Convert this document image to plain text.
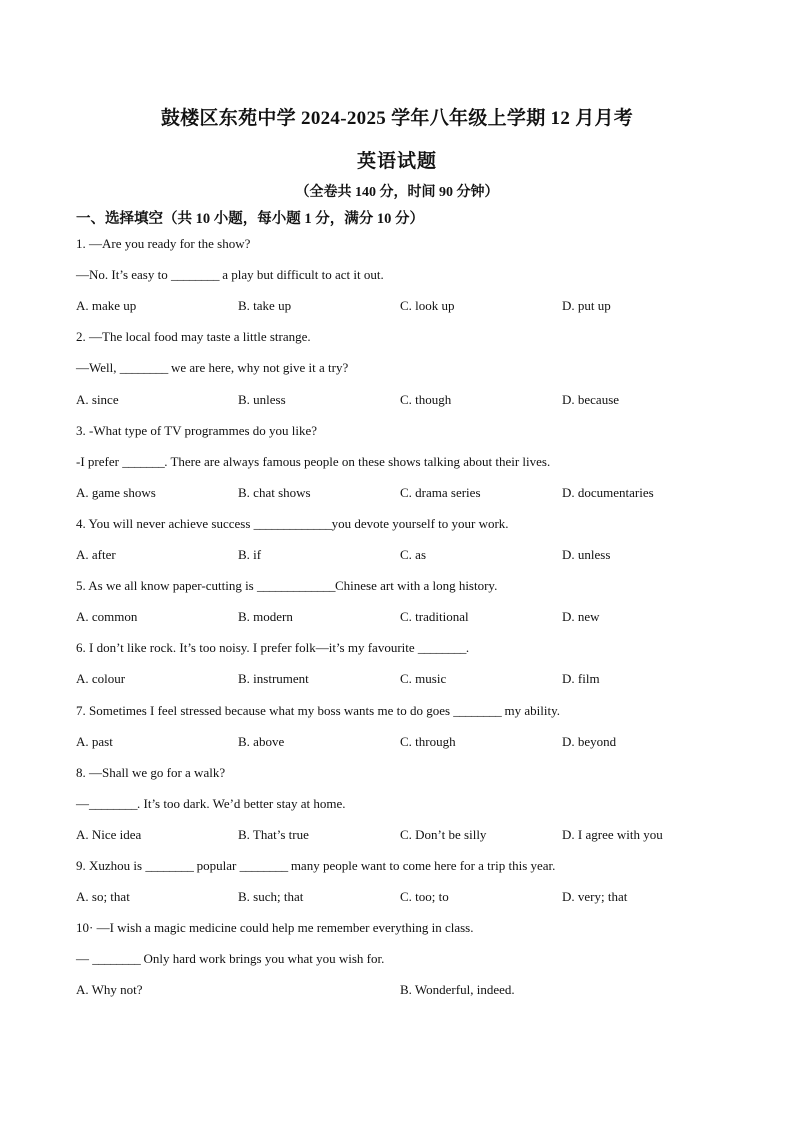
鼓楼区东苑中学 2024-2025 学年八年级上学期 12 月月考
英语试题
（全卷共 140 分，时间 90 分钟）
一、选择填空（共 10 小题，每小题 1 分，满分 10 分）
1. —Are you ready for the show?
—No. It’s easy to ________ a play but difficult to act it out.
A. make up	B. take up	C. look up	D. put up
2. —The local food may taste a little strange.
—Well, ________ we are here, why not give it a try?
A. since	B. unless	C. though	D. because
3. -What type of TV programmes do you like?
-I prefer _______. There are always famous people on these shows talking about their lives.
A. game shows	B. chat shows	C. drama series	D. documentaries
4. You will never achieve success _____________you devote yourself to your work.
A. after	B. if	C. as	D. unless
5. As we all know paper-cutting is _____________Chinese art with a long history.
A. common	B. modern	C. traditional	D. new
6. I don’t like rock. It’s too noisy. I prefer folk—it’s my favourite ________.
A. colour	B. instrument	C. music	D. film
7. Sometimes I feel stressed because what my boss wants me to do goes ________ my ability.
A. past	B. above	C. through	D. beyond
8. —Shall we go for a walk?
—________. It’s too dark. We’d better stay at home.
A. Nice idea	B. That’s true	C. Don’t be silly	D. I agree with you
9. Xuzhou is ________ popular ________ many people want to come here for a trip this year.
A. so; that	B. such; that	C. too; to	D. very; that
10· —I wish a magic medicine could help me remember everything in class.
— ________ Only hard work brings you what you wish for.
A. Why not?	B. Wonderful, indeed.
